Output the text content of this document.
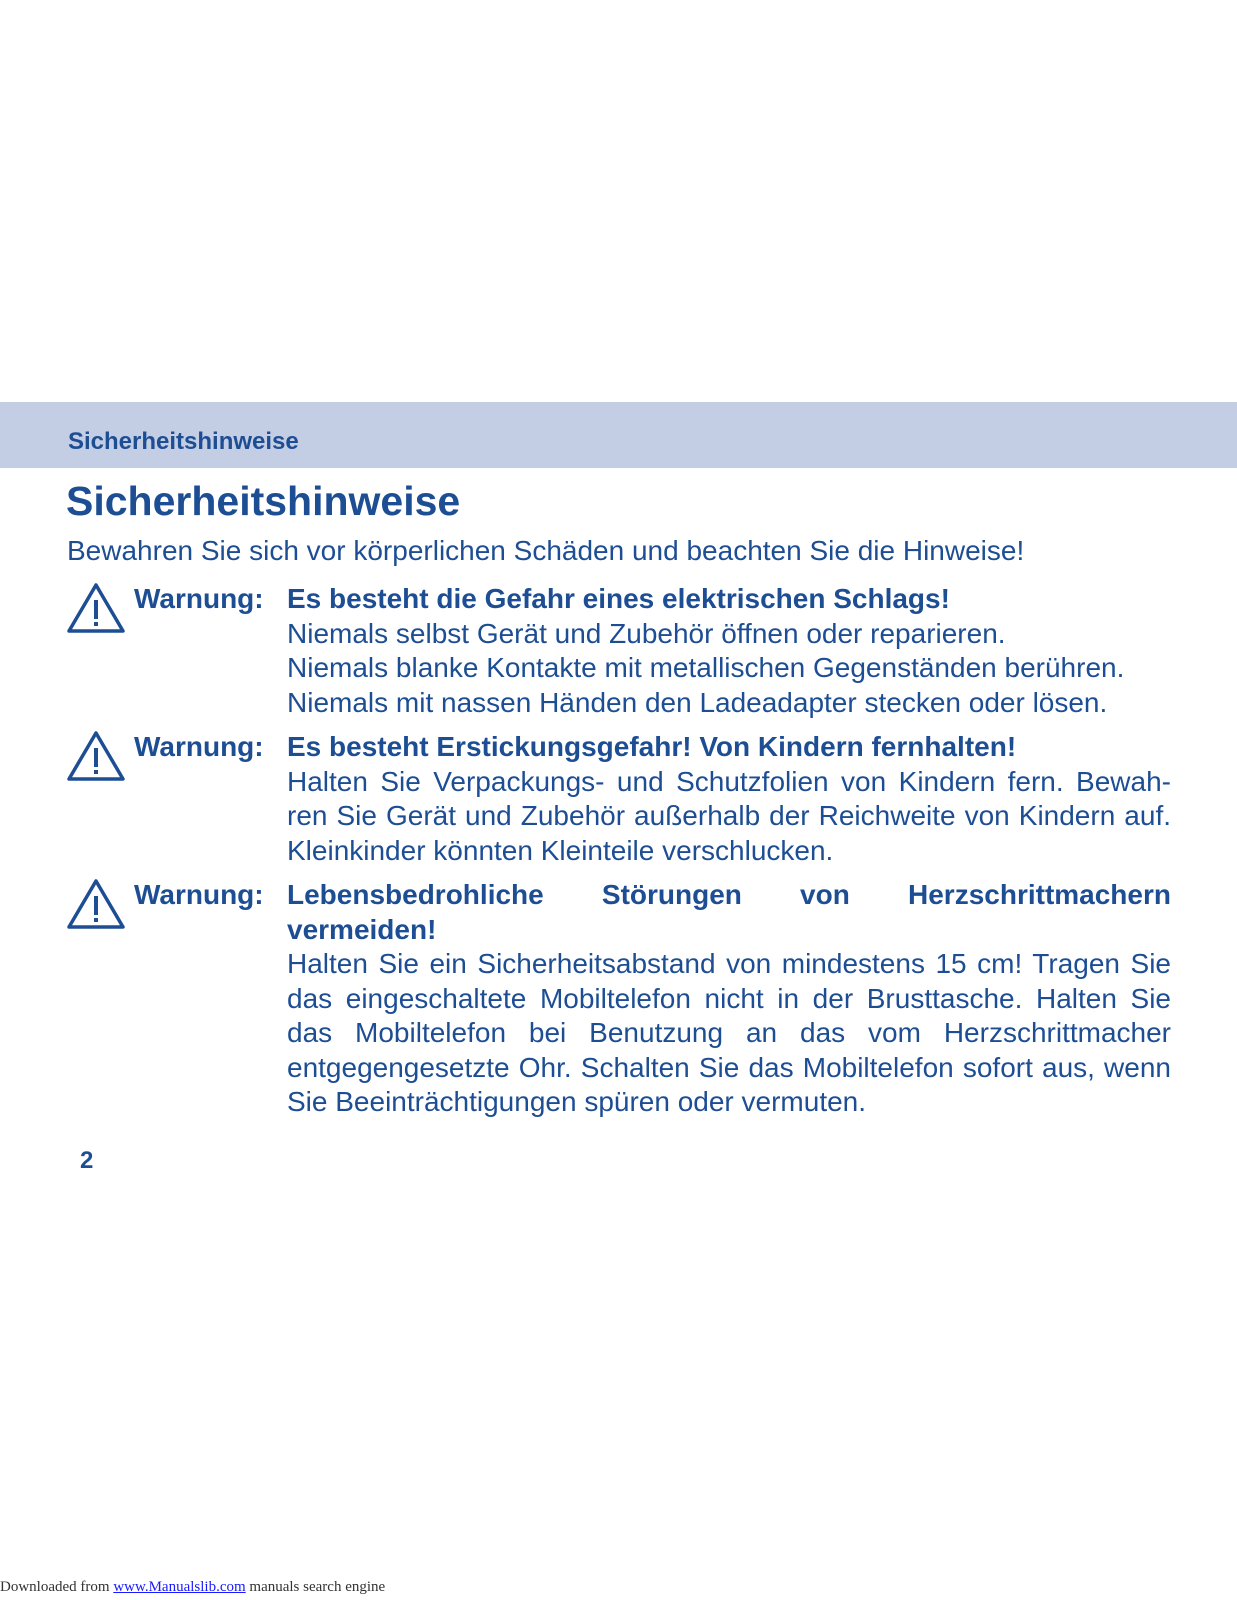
Sicherheitshinweise
Sicherheitshinweise

Bewahren Sie sich vor körperlichen Schäden und beachten Sie die Hinweise!

Warnung: Es besteht die Gefahr eines elektrischen Schlags!
Niemals selbst Gerät und Zubehör öffnen oder reparieren.
Niemals blanke Kontakte mit metallischen Gegenständen berühren.
Niemals mit nassen Händen den Ladeadapter stecken oder lösen.
Warnung: Es besteht Erstickungsgefahr! Von Kindern fernhalten!
Halten Sie Verpackungs- und Schutzfolien von Kindern fern. Bewah-ren Sie Gerät und Zubehör außerhalb der Reichweite von Kindern auf. Kleinkinder könnten Kleinteile verschlucken.
Warnung: Lebensbedrohliche Störungen von Herzschrittmachern vermeiden!
Halten Sie ein Sicherheitsabstand von mindestens 15 cm! Tragen Sie das eingeschaltete Mobiltelefon nicht in der Brusttasche. Halten Sie das Mobiltelefon bei Benutzung an das vom Herzschrittmacher entgegengesetzte Ohr. Schalten Sie das Mobiltelefon sofort aus, wenn Sie Beeinträchtigungen spüren oder vermuten.
2
Downloaded from www.Manualslib.com manuals search engine
